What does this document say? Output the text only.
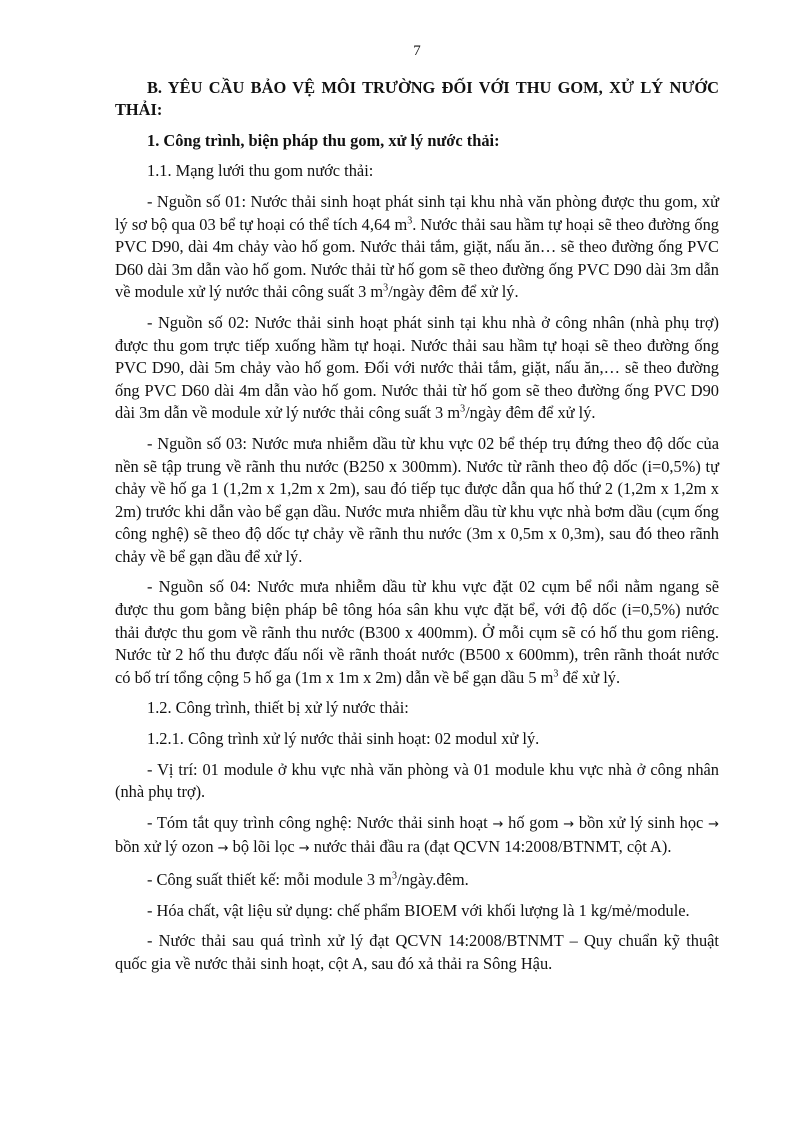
7
B. YÊU CẦU BẢO VỆ MÔI TRƯỜNG ĐỐI VỚI THU GOM, XỬ LÝ NƯỚC THẢI:
1. Công trình, biện pháp thu gom, xử lý nước thải:

1.1. Mạng lưới thu gom nước thải:

- Nguồn số 01: Nước thải sinh hoạt phát sinh tại khu nhà văn phòng được thu gom, xử lý sơ bộ qua 03 bể tự hoại có thể tích 4,64 $m^3$. Nước thải sau hầm tự hoại sẽ theo đường ống PVC D90, dài 4m chảy vào hố gom. Nước thải tắm, giặt, nấu ăn… sẽ theo đường ống PVC D60 dài 3m dẫn vào hố gom. Nước thải từ hố gom sẽ theo đường ống PVC D90 dài 3m dẫn về module xử lý nước thải công suất 3 $m^3$/ngày đêm để xử lý.

- Nguồn số 02: Nước thải sinh hoạt phát sinh tại khu nhà ở công nhân (nhà phụ trợ) được thu gom trực tiếp xuống hầm tự hoại. Nước thải sau hầm tự hoại sẽ theo đường ống PVC D90, dài 5m chảy vào hố gom. Đối với nước thải tắm, giặt, nấu ăn,… sẽ theo đường ống PVC D60 dài 4m dẫn vào hố gom. Nước thải từ hố gom sẽ theo đường ống PVC D90 dài 3m dẫn về module xử lý nước thải công suất 3 $m^3$/ngày đêm để xử lý.

- Nguồn số 03: Nước mưa nhiễm dầu từ khu vực 02 bể thép trụ đứng theo độ dốc của nền sẽ tập trung về rãnh thu nước (B250 x 300mm). Nước từ rãnh theo độ dốc (i=0,5%) tự chảy về hố ga 1 (1,2m x 1,2m x 2m), sau đó tiếp tục được dẫn qua hố thứ 2 (1,2m x 1,2m x 2m) trước khi dẫn vào bể gạn dầu. Nước mưa nhiễm dầu từ khu vực nhà bơm dầu (cụm ống công nghệ) sẽ theo độ dốc tự chảy về rãnh thu nước (3m x 0,5m x 0,3m), sau đó theo rãnh chảy về bể gạn dầu để xử lý.

- Nguồn số 04: Nước mưa nhiễm dầu từ khu vực đặt 02 cụm bể nổi nằm ngang sẽ được thu gom bằng biện pháp bê tông hóa sân khu vực đặt bể, với độ dốc (i=0,5%) nước thải được thu gom về rãnh thu nước (B300 x 400mm). Ở mỗi cụm sẽ có hố thu gom riêng. Nước từ 2 hố thu được đấu nối về rãnh thoát nước (B500 x 600mm), trên rãnh thoát nước có bố trí tổng cộng 5 hố ga (1m x 1m x 2m) dẫn về bể gạn dầu 5 $m^3$ để xử lý.

1.2. Công trình, thiết bị xử lý nước thải:

1.2.1. Công trình xử lý nước thải sinh hoạt: 02 modul xử lý.

- Vị trí: 01 module ở khu vực nhà văn phòng và 01 module khu vực nhà ở công nhân (nhà phụ trợ).

- Tóm tắt quy trình công nghệ: Nước thải sinh hoạt → hố gom → bồn xử lý sinh học → bồn xử lý ozon → bộ lõi lọc → nước thải đầu ra (đạt QCVN 14:2008/BTNMT, cột A).

- Công suất thiết kế: mỗi module 3 $m^3/ngày.đêm$.

- Hóa chất, vật liệu sử dụng: chế phẩm BIOEM với khối lượng là 1 kg/mẻ/module.

- Nước thải sau quá trình xử lý đạt QCVN 14:2008/BTNMT – Quy chuẩn kỹ thuật quốc gia về nước thải sinh hoạt, cột A, sau đó xả thải ra Sông Hậu.
